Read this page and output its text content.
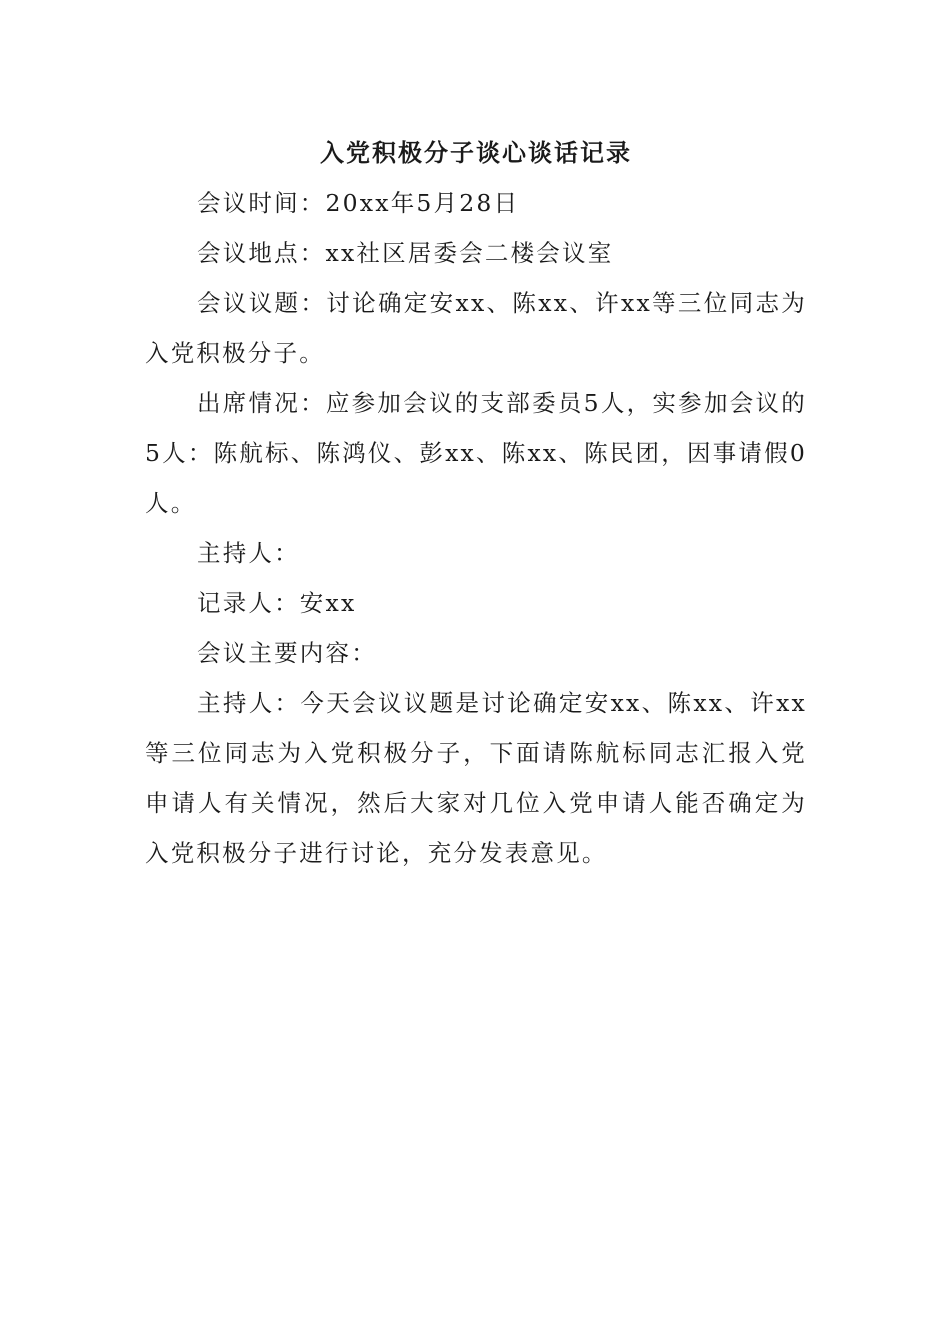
入党积极分子谈心谈话记录

会议时间：20xx年5月28日

会议地点：xx社区居委会二楼会议室

会议议题：讨论确定安xx、陈xx、许xx等三位同志为入党积极分子。

出席情况：应参加会议的支部委员5人，实参加会议的5人：陈航标、陈鸿仪、彭xx、陈xx、陈民团，因事请假0人。

主持人：

记录人：安xx

会议主要内容：

主持人：今天会议议题是讨论确定安xx、陈xx、许xx等三位同志为入党积极分子，下面请陈航标同志汇报入党申请人有关情况，然后大家对几位入党申请人能否确定为入党积极分子进行讨论，充分发表意见。
